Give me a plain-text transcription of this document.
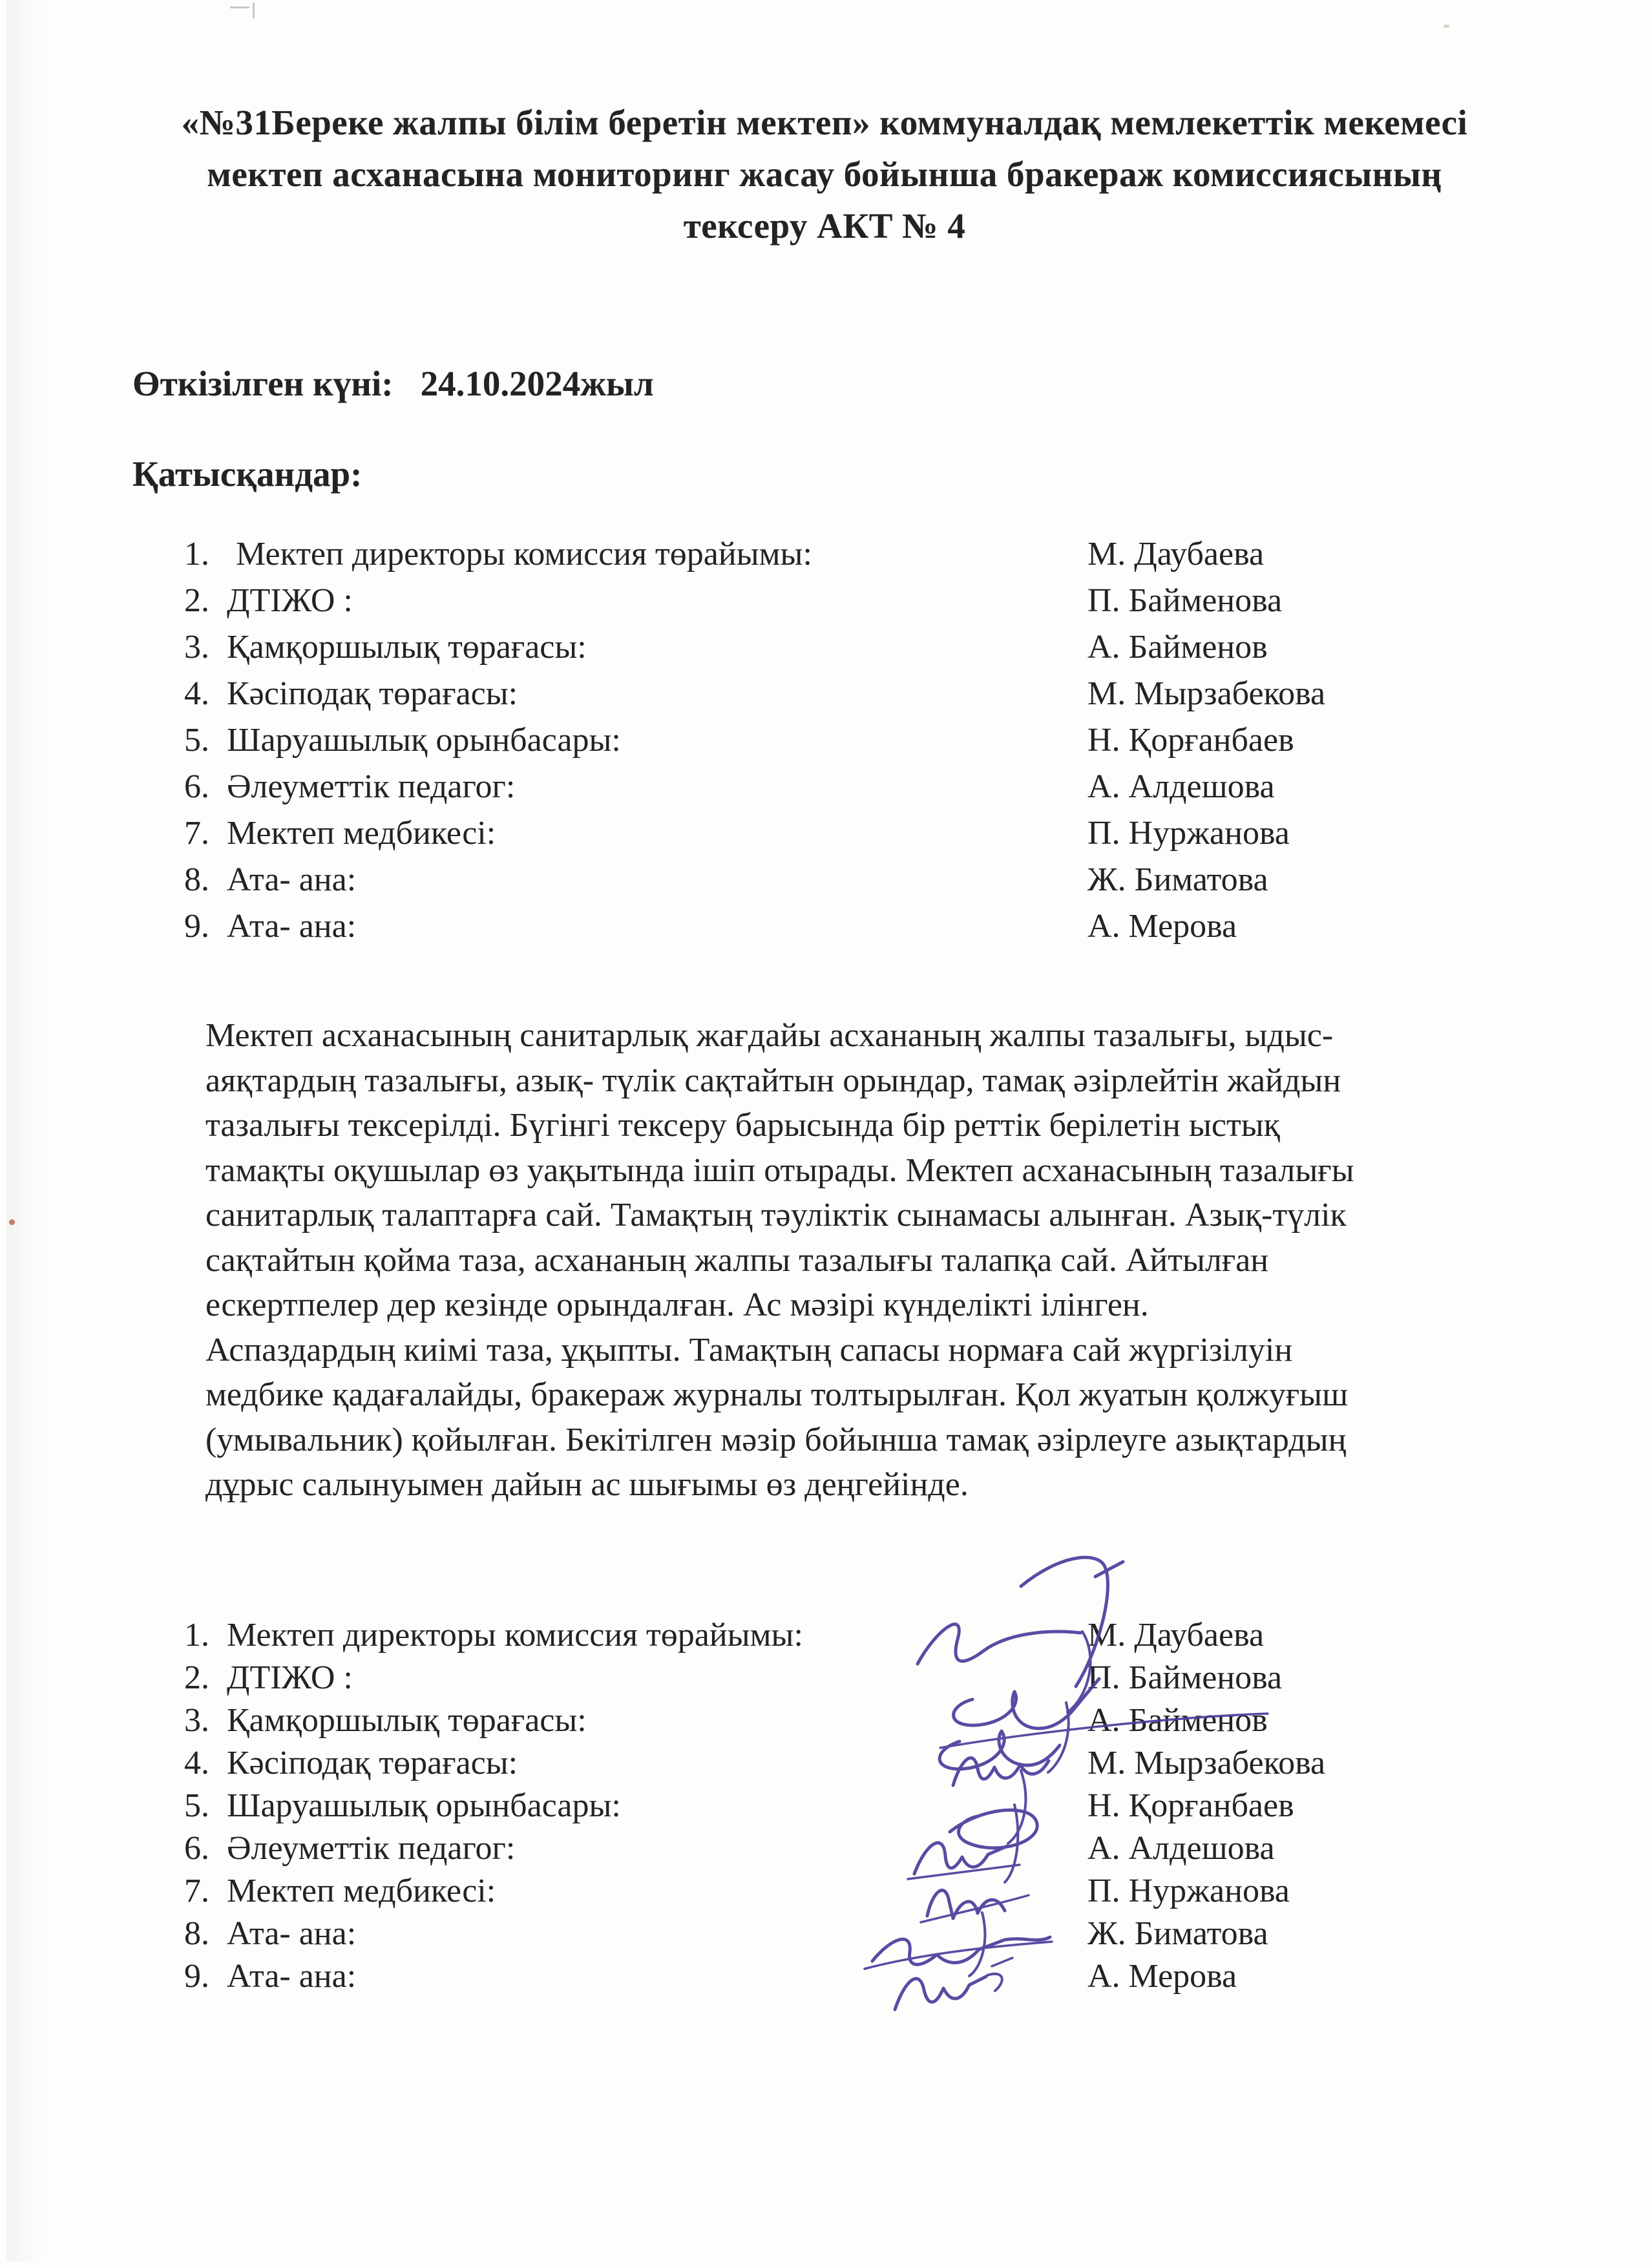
«№31Береке жалпы білім беретін мектеп» коммуналдақ мемлекеттік мекемесі
мектеп асханасына мониторинг жасау бойынша бракераж комиссиясының
тексеру АКТ № 4
Өткізілген күні: 24.10.2024жыл
Қатысқандар:
1. Мектеп директоры комиссия төрайымы:	М. Даубаева
2. ДТІЖО :	П. Байменова
3. Қамқоршылық төрағасы:	А. Байменов
4. Кәсіподақ төрағасы:	М. Мырзабекова
5. Шаруашылық орынбасары:	Н. Қорғанбаев
6. Әлеуметтік педагог:	А. Алдешова
7. Мектеп медбикесі:	П. Нуржанова
8. Ата- ана:	Ж. Биматова
9. Ата- ана:	А. Мерова
Мектеп асханасының санитарлық жағдайы асхананың жалпы тазалығы, ыдыс-
аяқтардың тазалығы, азық- түлік сақтайтын орындар, тамақ әзірлейтін жайдын
тазалығы тексерілді. Бүгінгі тексеру барысында бір реттік берілетін ыстық
тамақты оқушылар өз уақытында ішіп отырады. Мектеп асханасының тазалығы
санитарлық талаптарға сай. Тамақтың тәуліктік сынамасы алынған. Азық-түлік
сақтайтын қойма таза, асхананың жалпы тазалығы талапқа сай. Айтылған
ескертпелер дер кезінде орындалған. Ас мәзірі күнделікті ілінген.
Аспаздардың киімі таза, ұқыпты. Тамақтың сапасы нормаға сай жүргізілуін
медбике қадағалайды, бракераж журналы толтырылған. Қол жуатын қолжуғыш
(умывальник) қойылған. Бекітілген мәзір бойынша тамақ әзірлеуге азықтардың
дұрыс салынуымен дайын ас шығымы өз деңгейінде.
1. Мектеп директоры комиссия төрайымы:	М. Даубаева
2. ДТІЖО :	П. Байменова
3. Қамқоршылық төрағасы:	А. Байменов
4. Кәсіподақ төрағасы:	М. Мырзабекова
5. Шаруашылық орынбасары:	Н. Қорғанбаев
6. Әлеуметтік педагог:	А. Алдешова
7. Мектеп медбикесі:	П. Нуржанова
8. Ата- ана:	Ж. Биматова
9. Ата- ана:	А. Мерова
